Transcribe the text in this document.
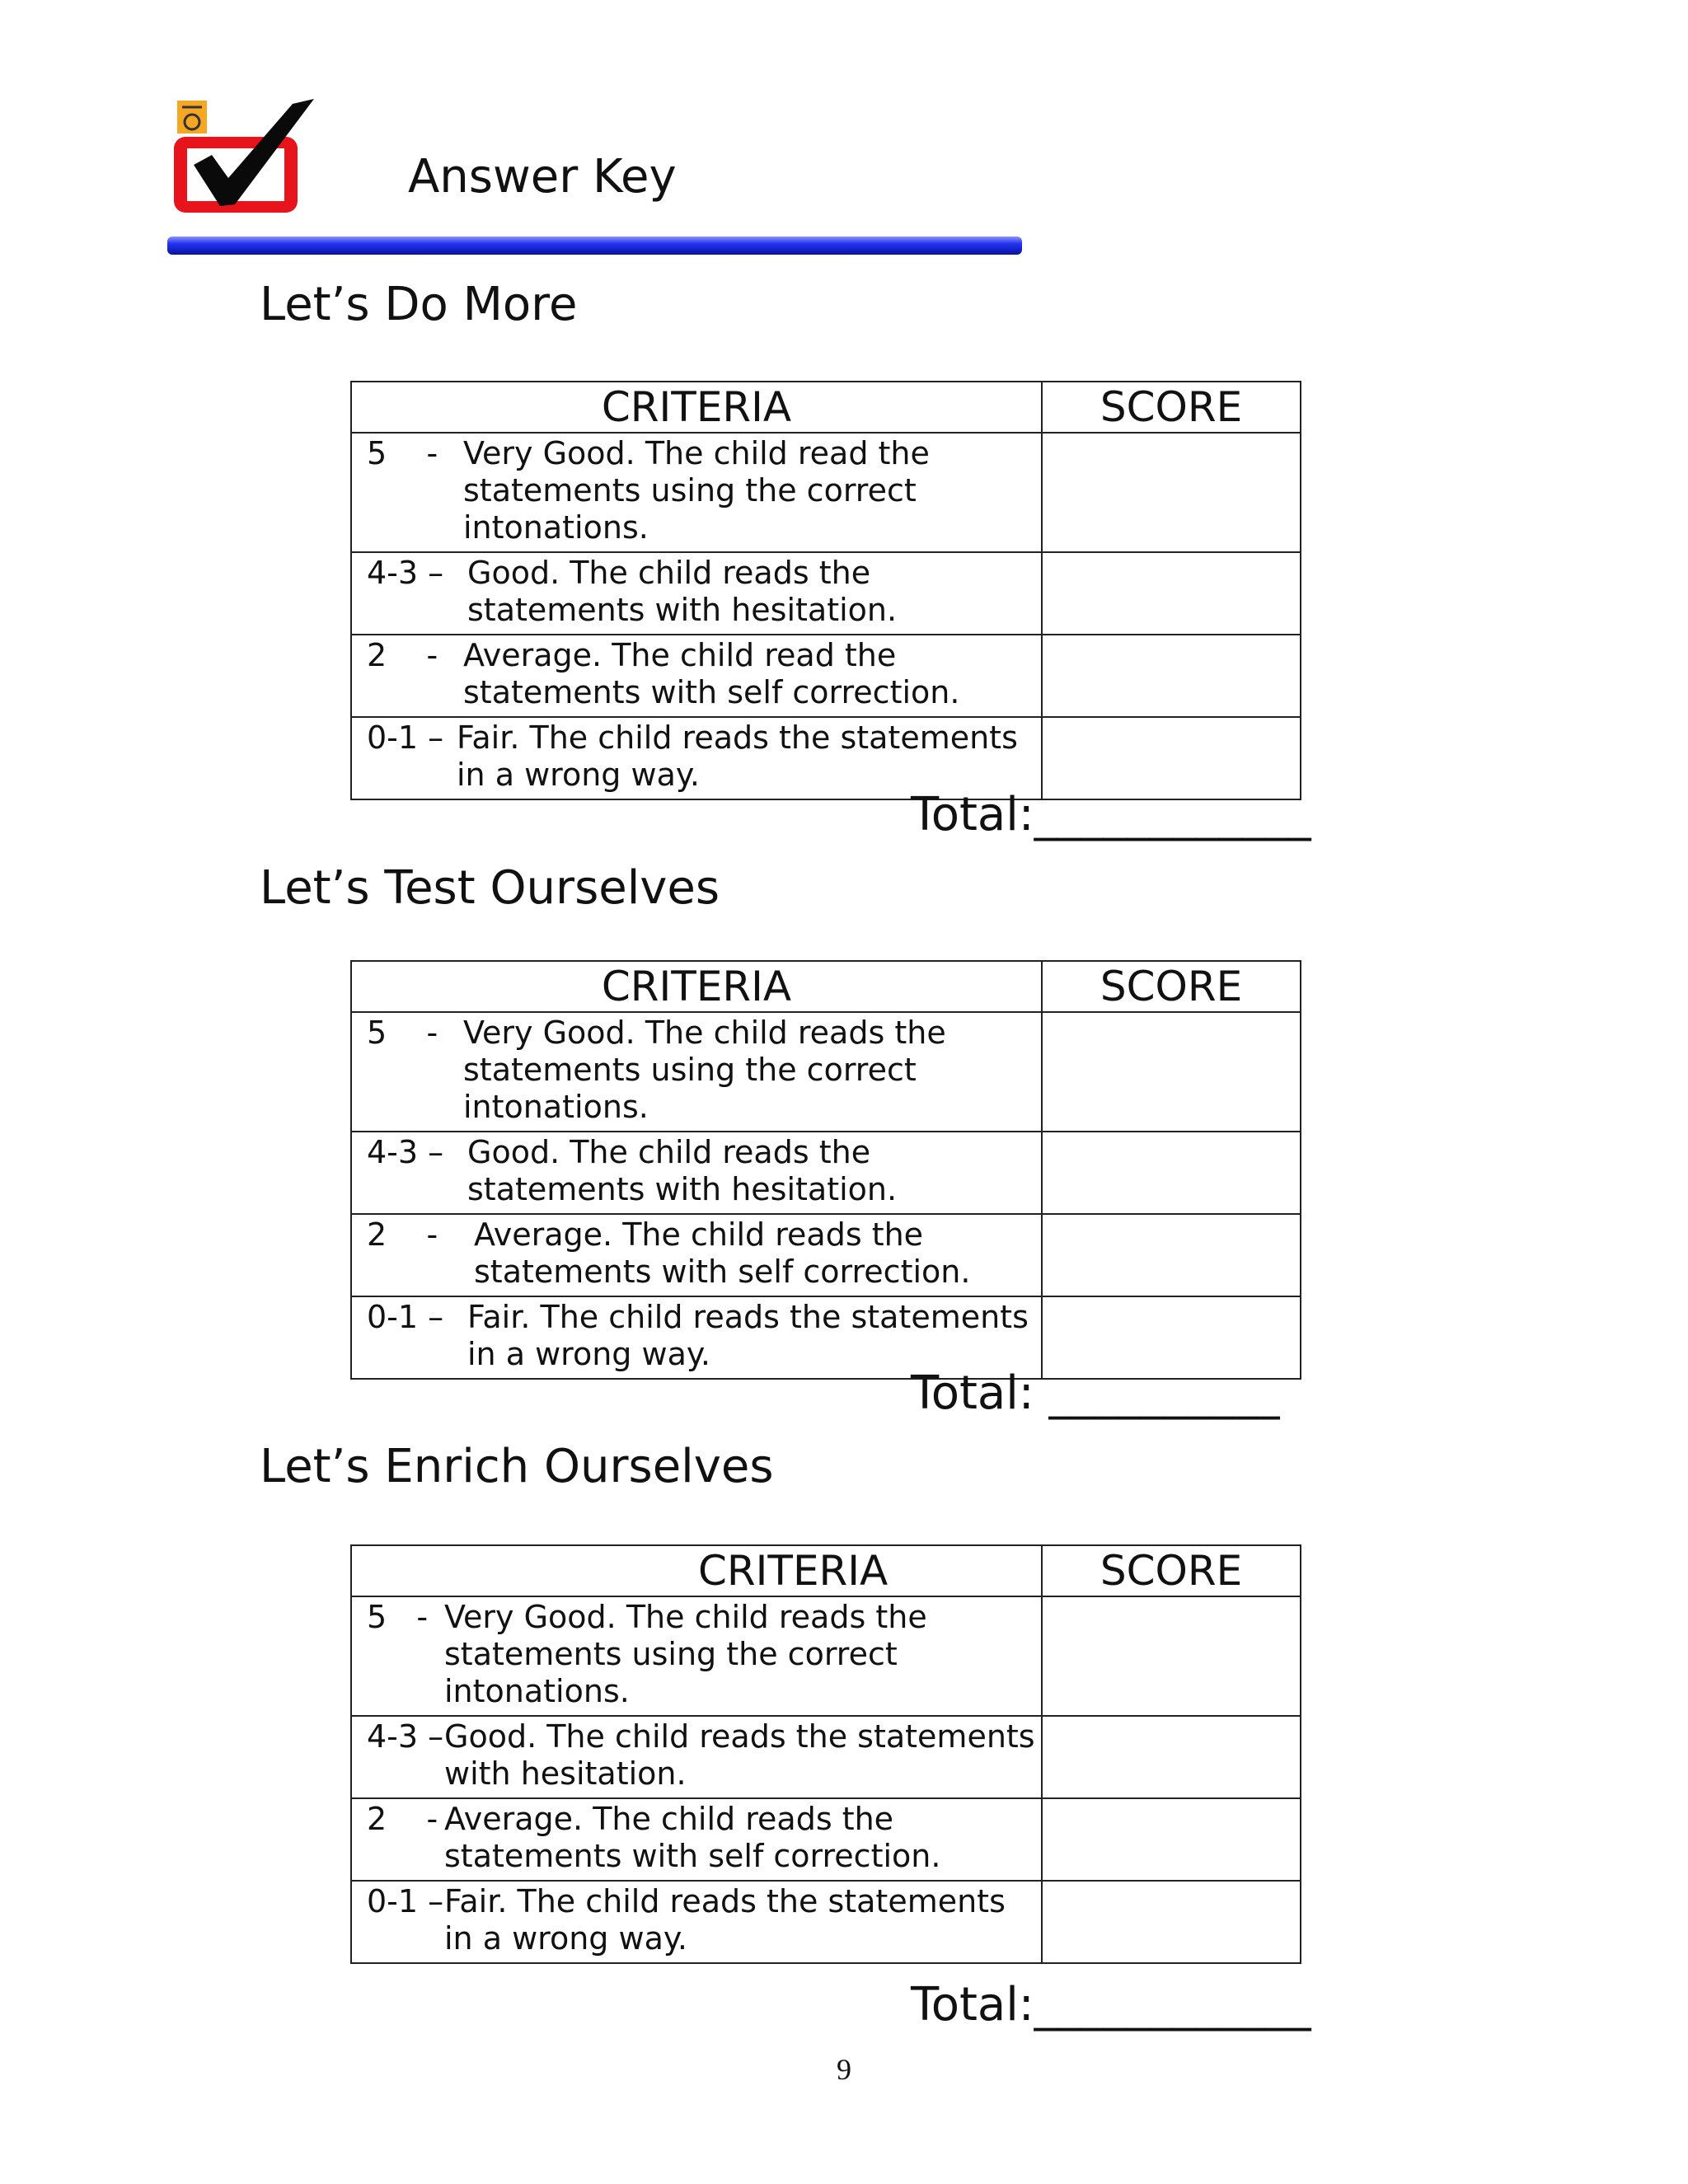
Answer Key
Let’s Do More
CRITERIA	SCORE

5    - Very Good. The child read the
statements using the correct
intonations.	

4-3 – Good. The child reads the
statements with hesitation.	

2    - Average. The child read the
statements with self correction.	

0-1 – Fair. The child reads the statements
in a wrong way.	

Total:____________
Let’s Test Ourselves
CRITERIA	SCORE

5    - Very Good. The child reads the
statements using the correct
intonations.	

4-3 – Good. The child reads the
statements with hesitation.	

2    - Average. The child reads the
statements with self correction.	

0-1 – Fair. The child reads the statements
in a wrong way.	

Total: __________
Let’s Enrich Ourselves
CRITERIA	SCORE

5   - Very Good. The child reads the
statements using the correct
intonations.	

4-3 – Good. The child reads the statements
with hesitation.	

2    - Average. The child reads the
statements with self correction.	

0-1 – Fair. The child reads the statements
in a wrong way.	

Total:____________
9
